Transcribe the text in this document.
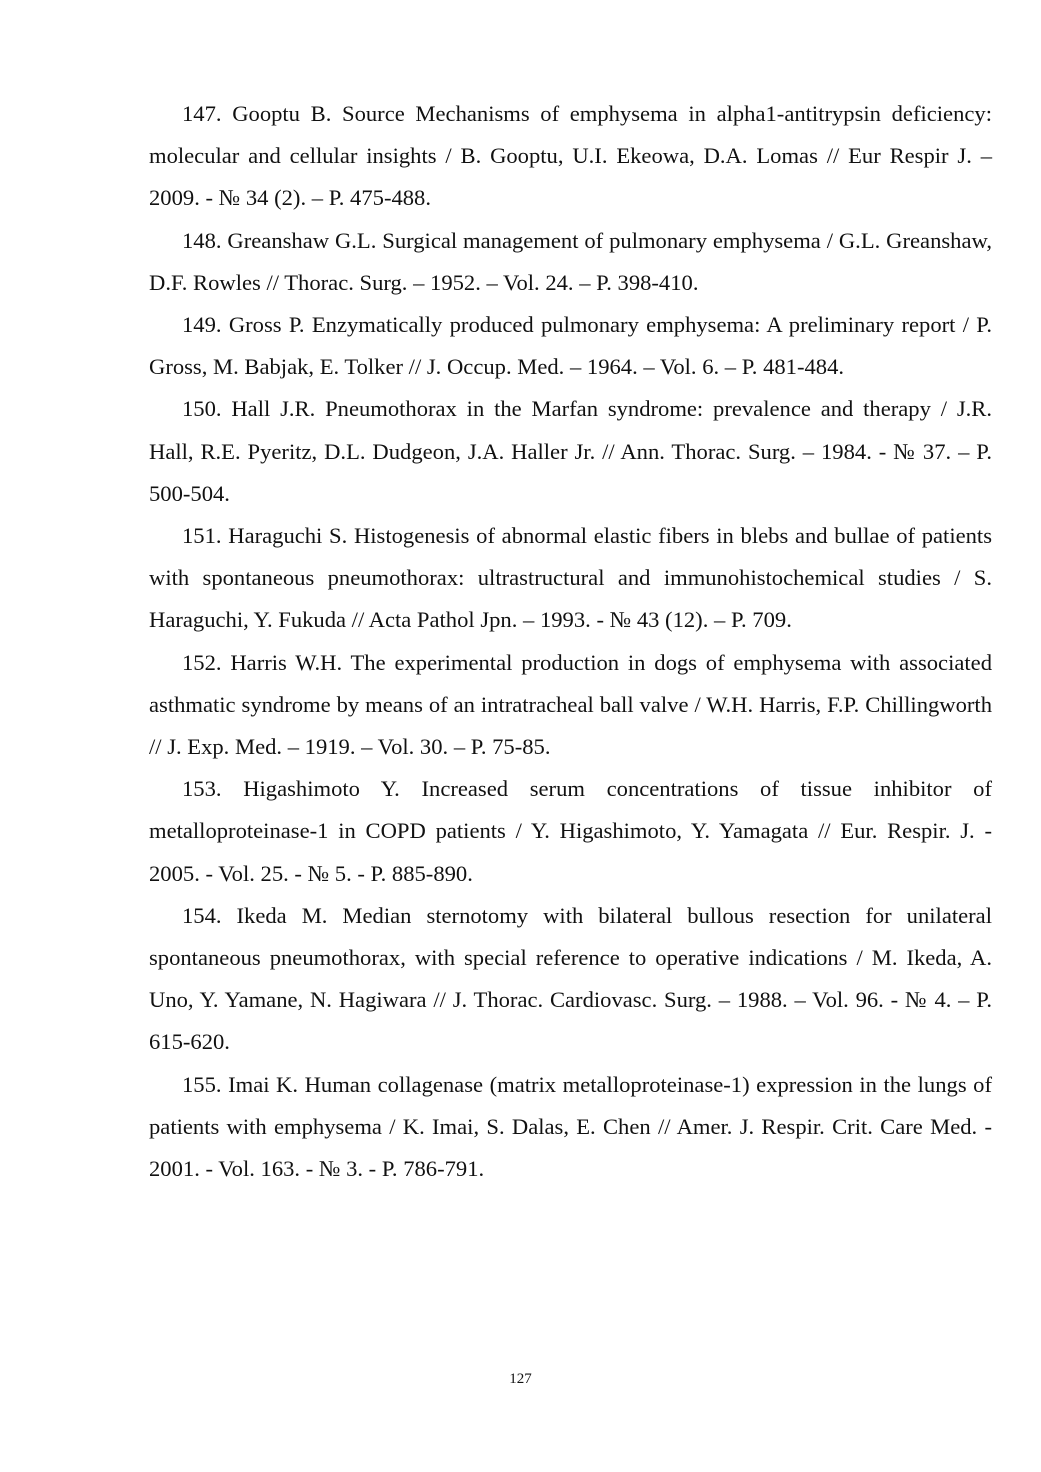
147. Gooptu B. Source Mechanisms of emphysema in alpha1-antitrypsin deficiency: molecular and cellular insights / B. Gooptu, U.I. Ekeowa, D.A. Lomas // Eur Respir J. – 2009. - № 34 (2). – P. 475-488.

148. Greanshaw G.L. Surgical management of pulmonary emphysema / G.L. Greanshaw, D.F. Rowles // Thorac. Surg. – 1952. – Vol. 24. – P. 398-410.

149. Gross P. Enzymatically produced pulmonary emphysema: A preliminary report / P. Gross, M. Babjak, E. Tolker // J. Occup. Med. – 1964. – Vol. 6. – P. 481-484.

150. Hall J.R. Pneumothorax in the Marfan syndrome: prevalence and therapy / J.R. Hall, R.E. Pyeritz, D.L. Dudgeon, J.A. Haller Jr. // Ann. Thorac. Surg. – 1984. - № 37. – P. 500-504.

151. Haraguchi S. Histogenesis of abnormal elastic fibers in blebs and bullae of patients with spontaneous pneumothorax: ultrastructural and immunohistochemical studies / S. Haraguchi, Y. Fukuda // Acta Pathol Jpn. – 1993. - № 43 (12). – P. 709.

152. Harris W.H. The experimental production in dogs of emphysema with associated asthmatic syndrome by means of an intratracheal ball valve / W.H. Harris, F.P. Chillingworth // J. Exp. Med. – 1919. – Vol. 30. – P. 75-85.

153. Higashimoto Y. Increased serum concentrations of tissue inhibitor of metalloproteinase-1 in COPD patients / Y. Higashimoto, Y. Yamagata // Eur. Respir. J. - 2005. - Vol. 25. - № 5. - P. 885-890.

154. Ikeda M. Median sternotomy with bilateral bullous resection for unilateral spontaneous pneumothorax, with special reference to operative indications / M. Ikeda, A. Uno, Y. Yamane, N. Hagiwara // J. Thorac. Cardiovasc. Surg. – 1988. – Vol. 96. - № 4. – P. 615-620.

155. Imai K. Human collagenase (matrix metalloproteinase-1) expression in the lungs of patients with emphysema / K. Imai, S. Dalas, E. Chen // Amer. J. Respir. Crit. Care Med. - 2001. - Vol. 163. - № 3. - P. 786-791.

127
